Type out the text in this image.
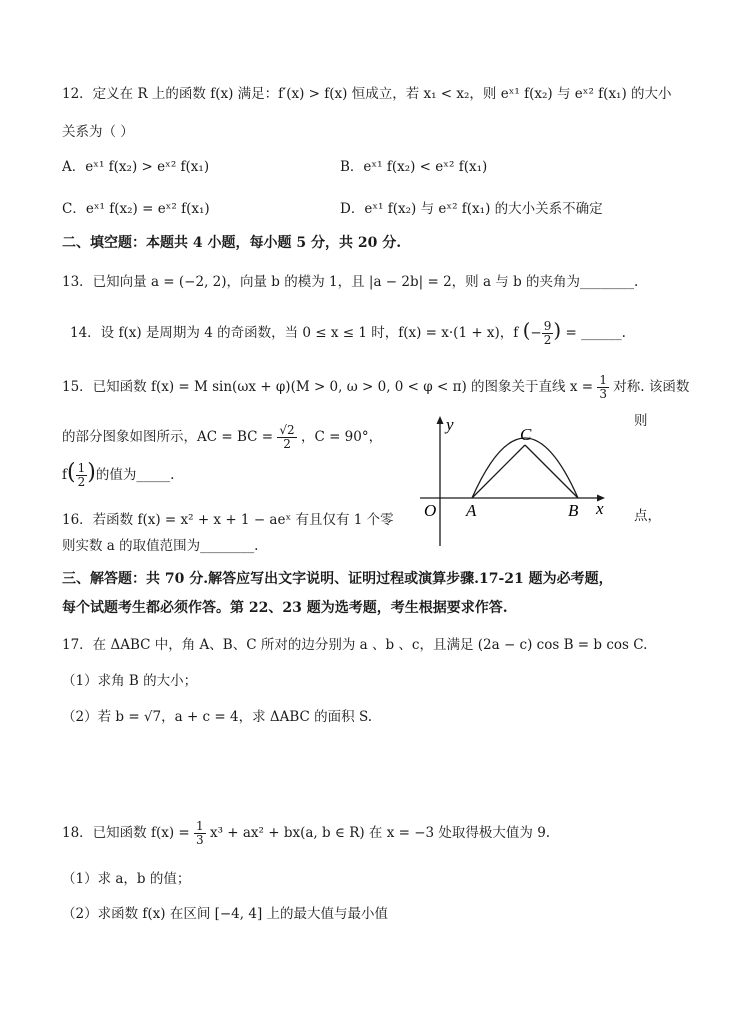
12．定义在 R 上的函数 f(x) 满足：f′(x) > f(x) 恒成立，若 x₁ < x₂，则 eˣ¹ f(x₂) 与 eˣ² f(x₁) 的大小
关系为（ ）
A．eˣ¹ f(x₂) > eˣ² f(x₁)	B．eˣ¹ f(x₂) < eˣ² f(x₁)
C．eˣ¹ f(x₂) = eˣ² f(x₁)	D．eˣ¹ f(x₂) 与 eˣ² f(x₁) 的大小关系不确定
二、填空题：本题共 4 小题，每小题 5 分，共 20 分.
13．已知向量 a = (−2, 2)，向量 b 的模为 1，且 |a − 2b| = 2，则 a 与 b 的夹角为________.
14．设 f(x) 是周期为 4 的奇函数，当 0 ≤ x ≤ 1 时，f(x) = x·(1 + x)，f (− $\frac{9}{2}$ ) = ______.
15．已知函数 f(x) = M sin(ωx + φ)(M > 0, ω > 0, 0 < φ < π) 的图象关于直线 $x = \frac{1}{3}$ 对称. 该函数
则
的部分图象如图所示，AC = BC = $\frac{√2}{2}$ ，C = 90°，
$f( \frac{1}{2}$ )的值为_____.
y
x
O A	B
C
16．若函数 f(x) = x² + x + 1 − aeˣ 有且仅有 1 个零	点，
则实数 a 的取值范围为________.
三、解答题：共 70 分.解答应写出文字说明、证明过程或演算步骤.17-21 题为必考题，
每个试题考生都必须作答。第 22、23 题为选考题，考生根据要求作答.
17．在 ΔABC 中，角 A、B、C 所对的边分别为 a 、b 、c，且满足 (2a − c) cos B = b cos C.
（1）求角 B 的大小；
（2）若 b = √7，a + c = 4，求 ΔABC 的面积 S.
18．已知函数 $f(x) = \frac{1}{3} x^3 + ax^2 + bx(a$, b ∈ R) 在 x = −3 处取得极大值为 9.
（1）求 a，b 的值；
（2）求函数 f(x) 在区间 [−4, 4] 上的最大值与最小值
